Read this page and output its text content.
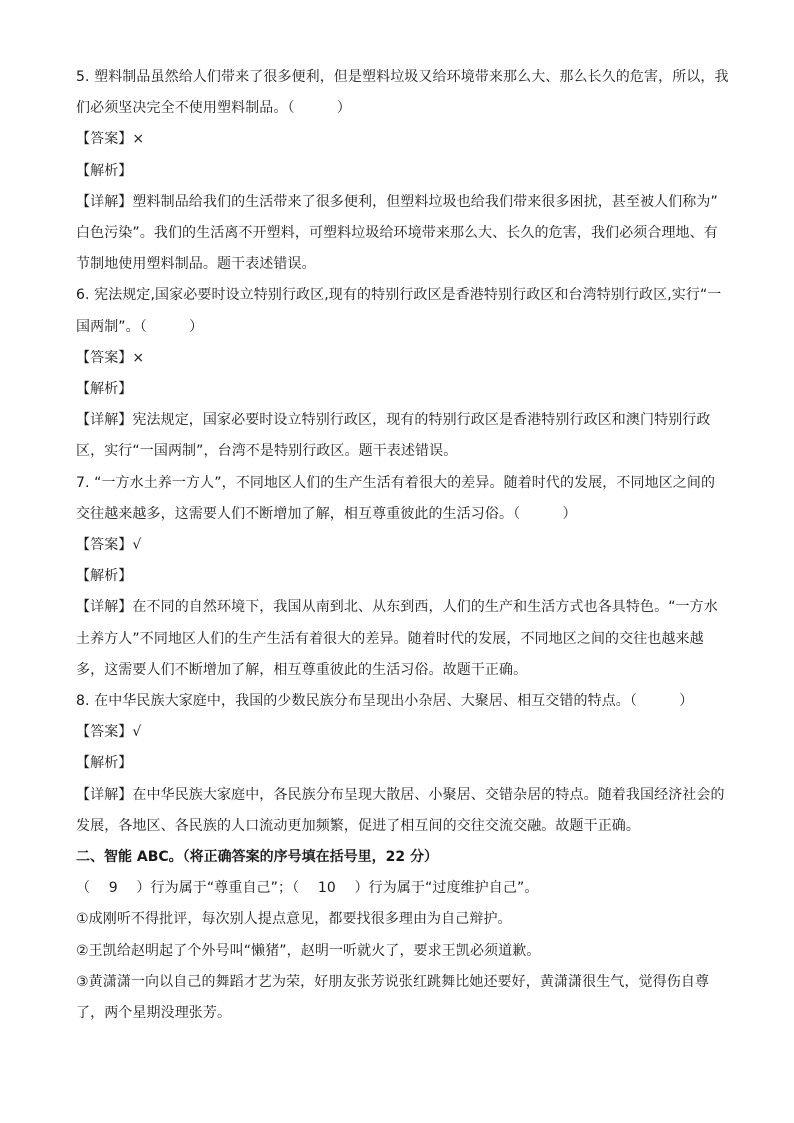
5. 塑料制品虽然给人们带来了很多便利，但是塑料垃圾又给环境带来那么大、那么长久的危害，所以，我
们必须坚决完全不使用塑料制品。（　　　）
【答案】×
【解析】
【详解】塑料制品给我们的生活带来了很多便利，但塑料垃圾也给我们带来很多困扰，甚至被人们称为”
白色污染”。我们的生活离不开塑料，可塑料垃圾给环境带来那么大、长久的危害，我们必须合理地、有
节制地使用塑料制品。题干表述错误。
6. 宪法规定,国家必要时设立特别行政区,现有的特别行政区是香港特别行政区和台湾特别行政区,实行“一
国两制”。（　　　）
【答案】×
【解析】
【详解】宪法规定，国家必要时设立特别行政区，现有的特别行政区是香港特别行政区和澳门特别行政
区，实行“一国两制”，台湾不是特别行政区。题干表述错误。
7. “一方水土养一方人”，不同地区人们的生产生活有着很大的差异。随着时代的发展，不同地区之间的
交往越来越多，这需要人们不断增加了解，相互尊重彼此的生活习俗。（　　　）
【答案】√
【解析】
【详解】在不同的自然环境下，我国从南到北、从东到西，人们的生产和生活方式也各具特色。“一方水
土养方人”不同地区人们的生产生活有着很大的差异。随着时代的发展，不同地区之间的交往也越来越
多，这需要人们不断增加了解，相互尊重彼此的生活习俗。故题干正确。
8. 在中华民族大家庭中，我国的少数民族分布呈现出小杂居、大聚居、相互交错的特点。（　　　）
【答案】√
【解析】
【详解】在中华民族大家庭中，各民族分布呈现大散居、小聚居、交错杂居的特点。随着我国经济社会的
发展，各地区、各民族的人口流动更加频繁，促进了相互间的交往交流交融。故题干正确。
二、智能 ABC。（将正确答案的序号填在括号里，22 分）
（　 9　 ）行为属于“尊重自己”；（　 10　 ）行为属于“过度维护自己”。
①成刚听不得批评，每次别人提点意见，都要找很多理由为自己辩护。
②王凯给赵明起了个外号叫“懒猪”，赵明一听就火了，要求王凯必须道歉。
③黄潇潇一向以自己的舞蹈才艺为荣，好朋友张芳说张红跳舞比她还要好，黄潇潇很生气，觉得伤自尊
了，两个星期没理张芳。
